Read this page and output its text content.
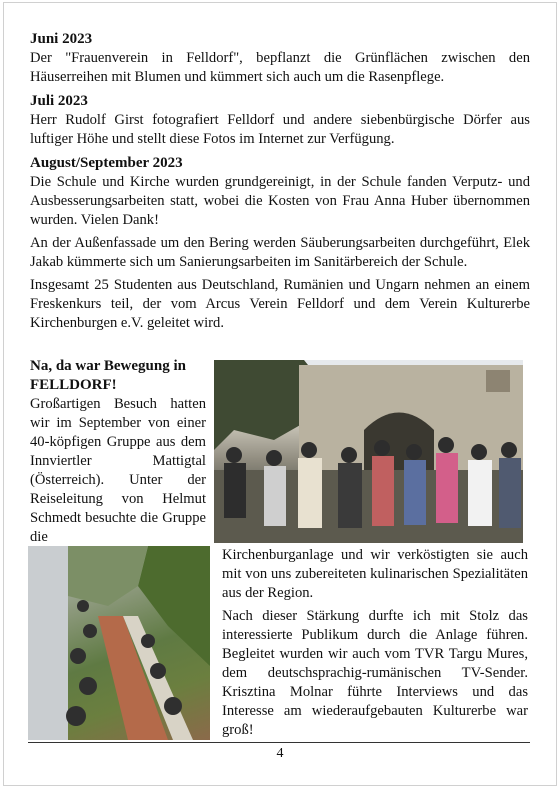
Juni 2023

Der "Frauenverein in Felldorf", bepflanzt die Grünflächen zwischen den Häuserreihen mit Blumen und kümmert sich auch um die Rasenpflege.

Juli 2023

Herr Rudolf Girst fotografiert Felldorf und andere siebenbürgische Dörfer aus luftiger Höhe und stellt diese Fotos im Internet zur Verfügung.

August/September 2023

Die Schule und Kirche wurden grundgereinigt, in der Schule fanden Verputz- und Ausbesserungsarbeiten statt, wobei die Kosten von Frau Anna Huber übernommen wurden. Vielen Dank!

An der Außenfassade um den Bering werden Säuberungsarbeiten durchgeführt, Elek Jakab kümmerte sich um Sanierungsarbeiten im Sanitärbereich der Schule.

Insgesamt 25 Studenten aus Deutschland, Rumänien und Ungarn nehmen an einem Freskenkurs teil, der vom Arcus Verein Felldorf und dem Verein Kulturerbe Kirchenburgen e.V. geleitet wird.

Na, da war Bewegung in FELLDORF!

Großartigen Besuch hatten wir im September von einer 40-köpfigen Gruppe aus dem Innviertler Mattigtal (Österreich). Unter der Reiseleitung von Helmut Schmedt besuchte die Gruppe die

Kirchenburganlage und wir verköstigten sie auch mit von uns zubereiteten kulinarischen Spezialitäten aus der Region.

Nach dieser Stärkung durfte ich mit Stolz das interessierte Publikum durch die Anlage führen. Begleitet wurden wir auch vom TVR Targu Mures, dem deutschsprachig-rumänischen TV-Sender. Krisztina Molnar führte Interviews und das Interesse am wiederaufgebauten Kulturerbe war groß!

4
